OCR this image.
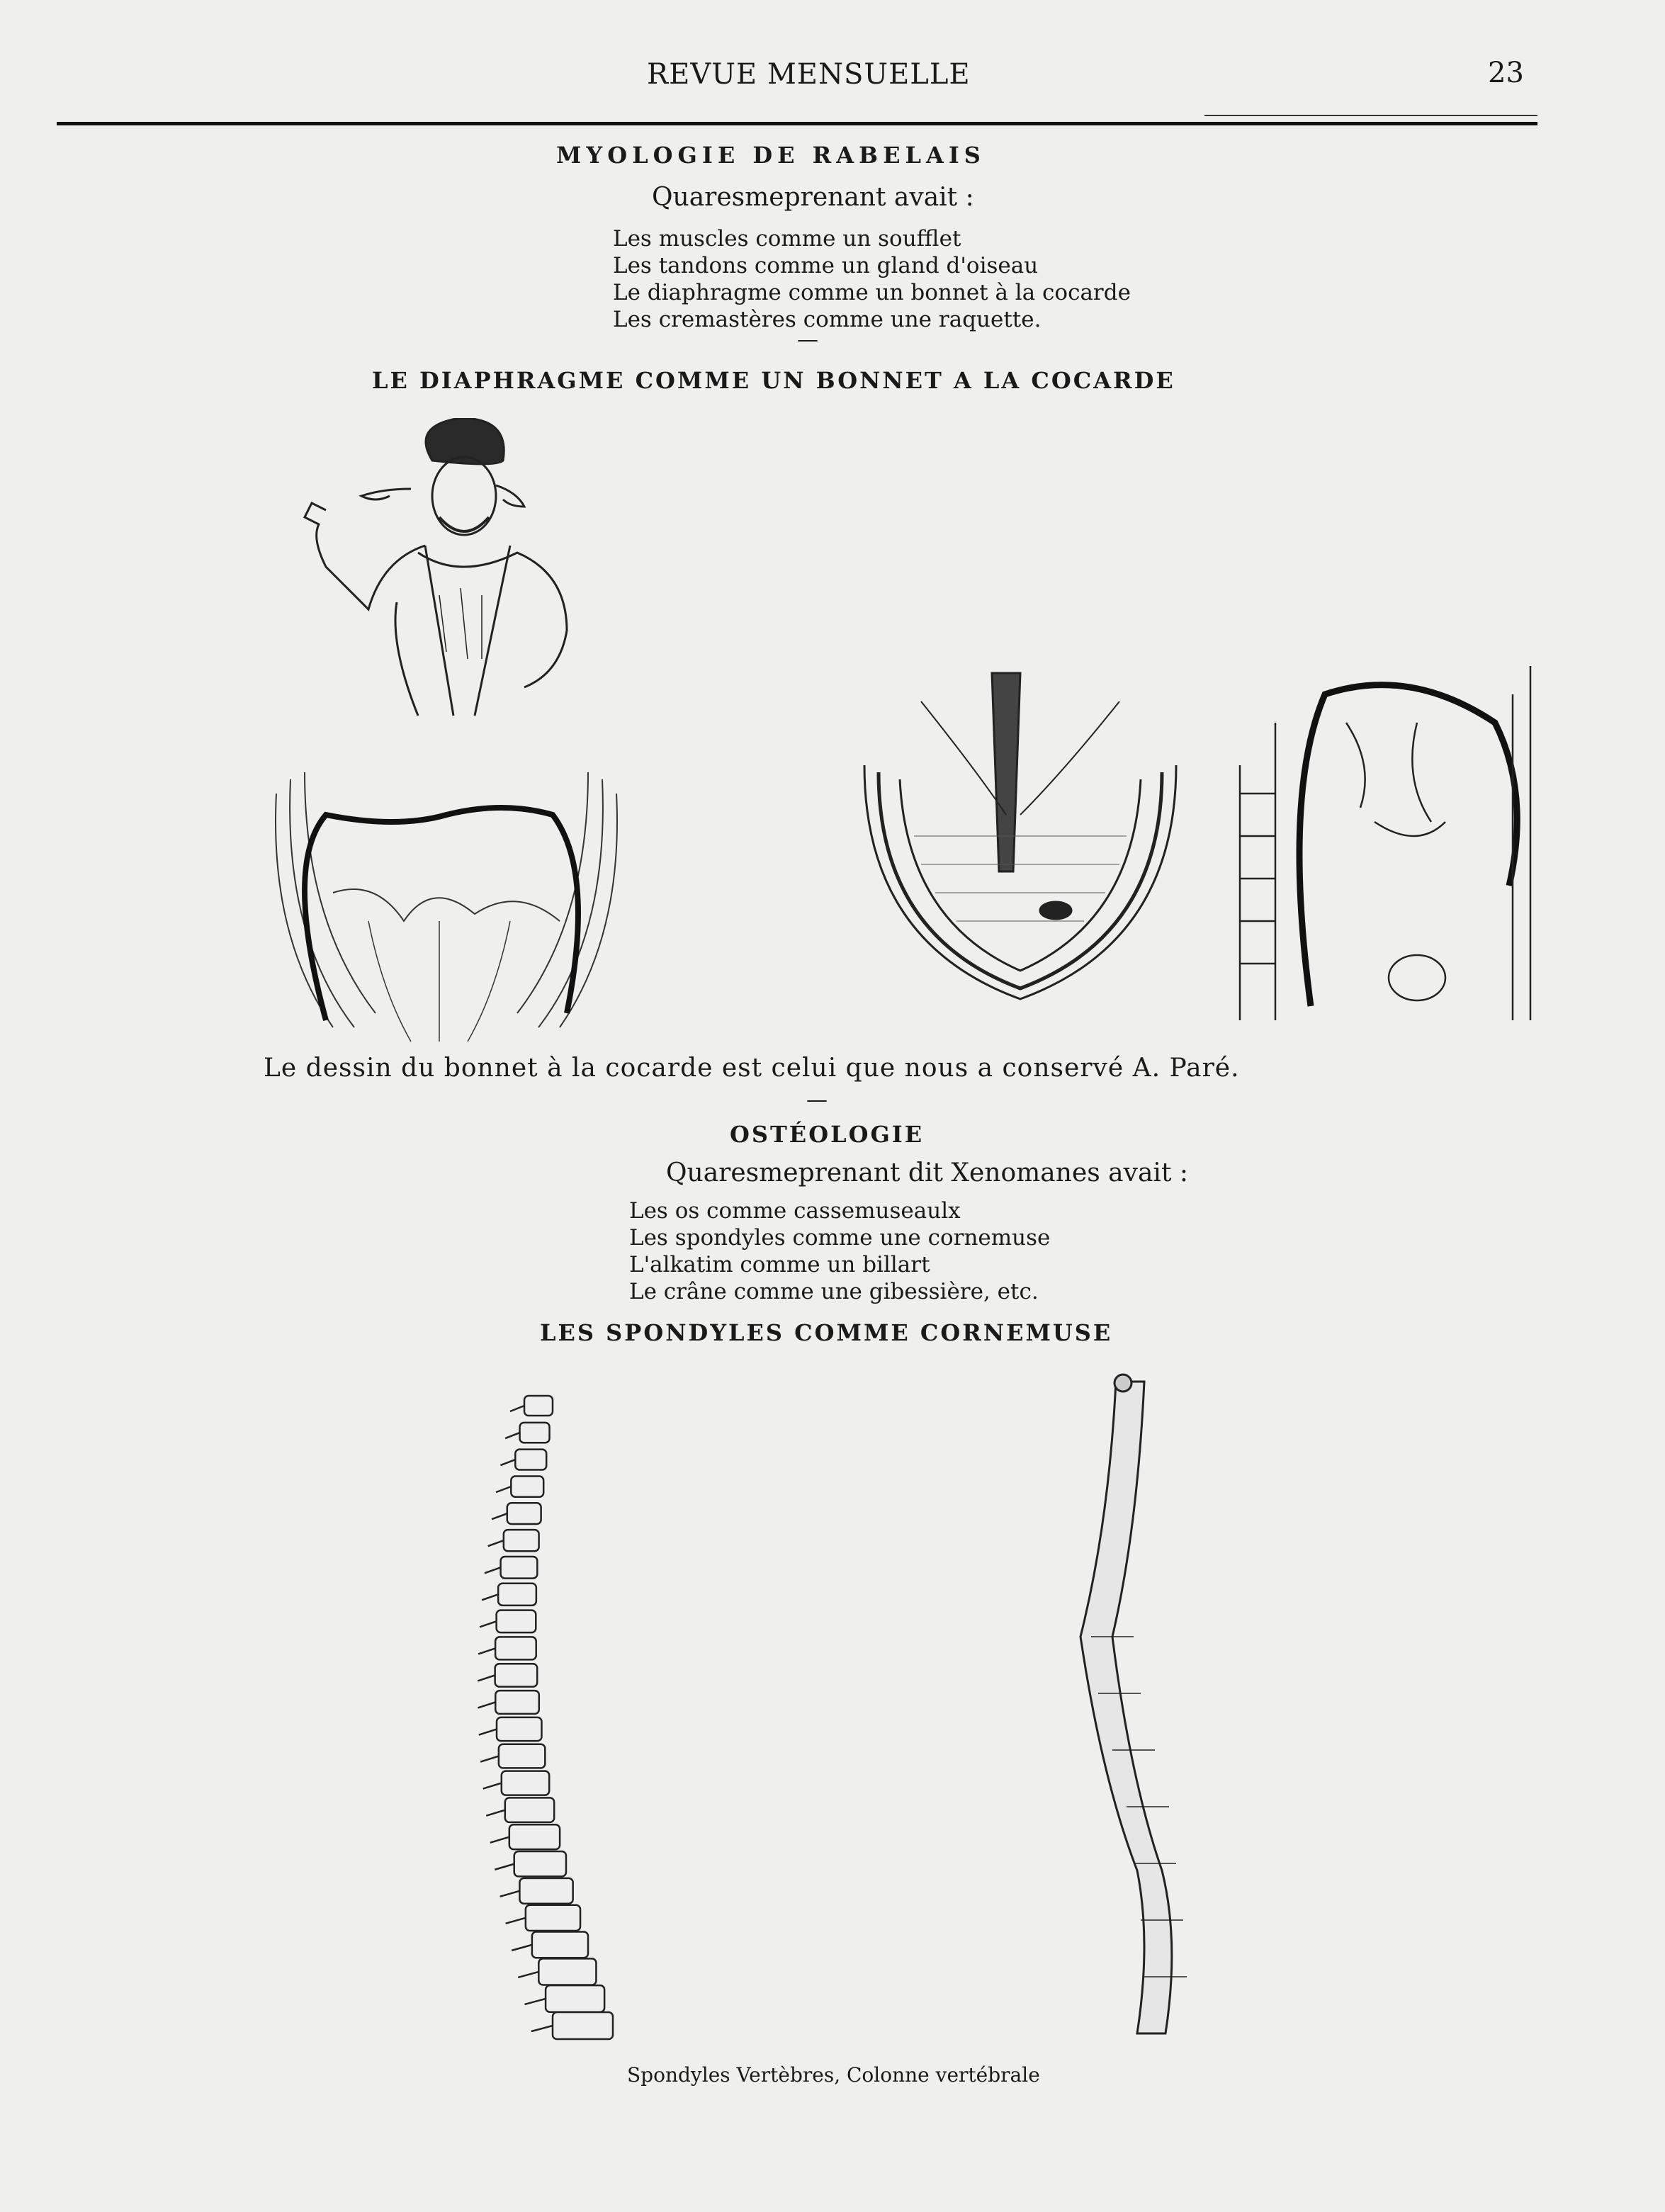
REVUE MENSUELLE	23
MYOLOGIE DE RABELAIS
Quaresmeprenant avait :
Les muscles comme un soufflet
Les tandons comme un gland d'oiseau
Le diaphragme comme un bonnet à la cocarde
Les cremastères comme une raquette.
—
LE DIAPHRAGME COMME UN BONNET A LA COCARDE
Le dessin du bonnet à la cocarde est celui que nous a conservé A. Paré.
—
OSTÉOLOGIE
Quaresmeprenant dit Xenomanes avait :
Les os comme cassemuseaulx
Les spondyles comme une cornemuse
L'alkatim comme un billart
Le crâne comme une gibessière, etc.
LES SPONDYLES COMME CORNEMUSE
Spondyles Vertèbres, Colonne vertébrale
